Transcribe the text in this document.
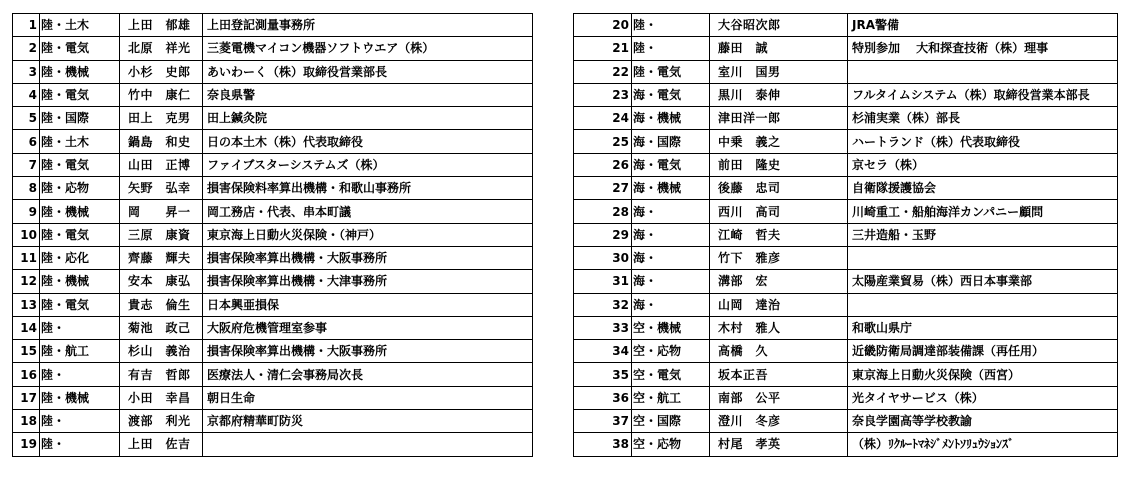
1	陸・土木	上田　郁雄	上田登記測量事務所
2	陸・電気	北原　祥光	三菱電機マイコン機器ソフトウエア（株）
3	陸・機械	小杉　史郎	あいわーく（株）取締役営業部長
4	陸・電気	竹中　康仁	奈良県警
5	陸・国際	田上　克男	田上鍼灸院
6	陸・土木	鍋島　和史	日の本土木（株）代表取締役
7	陸・電気	山田　正博	ファイブスターシステムズ（株）
8	陸・応物	矢野　弘幸	損害保険料率算出機構・和歌山事務所
9	陸・機械	岡　　昇一	岡工務店・代表、串本町議
10	陸・電気	三原　康資	東京海上日動火災保険・（神戸）
11	陸・応化	齊藤　輝夫	損害保険率算出機構・大阪事務所
12	陸・機械	安本　康弘	損害保険率算出機構・大津事務所
13	陸・電気	貴志　倫生	日本興亜損保
14	陸・	菊池　政己	大阪府危機管理室参事
15	陸・航工	杉山　義治	損害保険率算出機構・大阪事務所
16	陸・	有吉　哲郎	医療法人・清仁会事務局次長
17	陸・機械	小田　幸昌	朝日生命
18	陸・	渡部　利光	京都府精華町防災
19	陸・	上田　佐吉	
20	陸・	大谷昭次郎	JRA警備
21	陸・	藤田　誠	特別参加　 大和探査技術（株）理事
22	陸・電気	室川　国男	
23	海・電気	黒川　泰伸	フルタイムシステム（株）取締役営業本部長
24	海・機械	津田洋一郎	杉浦実業（株）部長
25	海・国際	中乗　義之	ハートランド（株）代表取締役
26	海・電気	前田　隆史	京セラ（株）
27	海・機械	後藤　忠司	自衛隊援護協会
28	海・	西川　高司	川崎重工・船舶海洋カンパニー顧問
29	海・	江崎　哲夫	三井造船・玉野
30	海・	竹下　雅彦	
31	海・	溝部　宏	太陽産業貿易（株）西日本事業部
32	海・	山岡　達治	
33	空・機械	木村　雅人	和歌山県庁
34	空・応物	高橋　久	近畿防衛局調達部装備課（再任用）
35	空・電気	坂本正吾	東京海上日動火災保険（西宮）
36	空・航工	南部　公平	光タイヤサービス（株）
37	空・国際	澄川　冬彦	奈良学園高等学校教諭
38	空・応物	村尾　孝英	（株）ﾘｸﾙｰﾄﾏﾈｼﾞﾒﾝﾄｿﾘｭｳｼｮﾝｽﾞ
